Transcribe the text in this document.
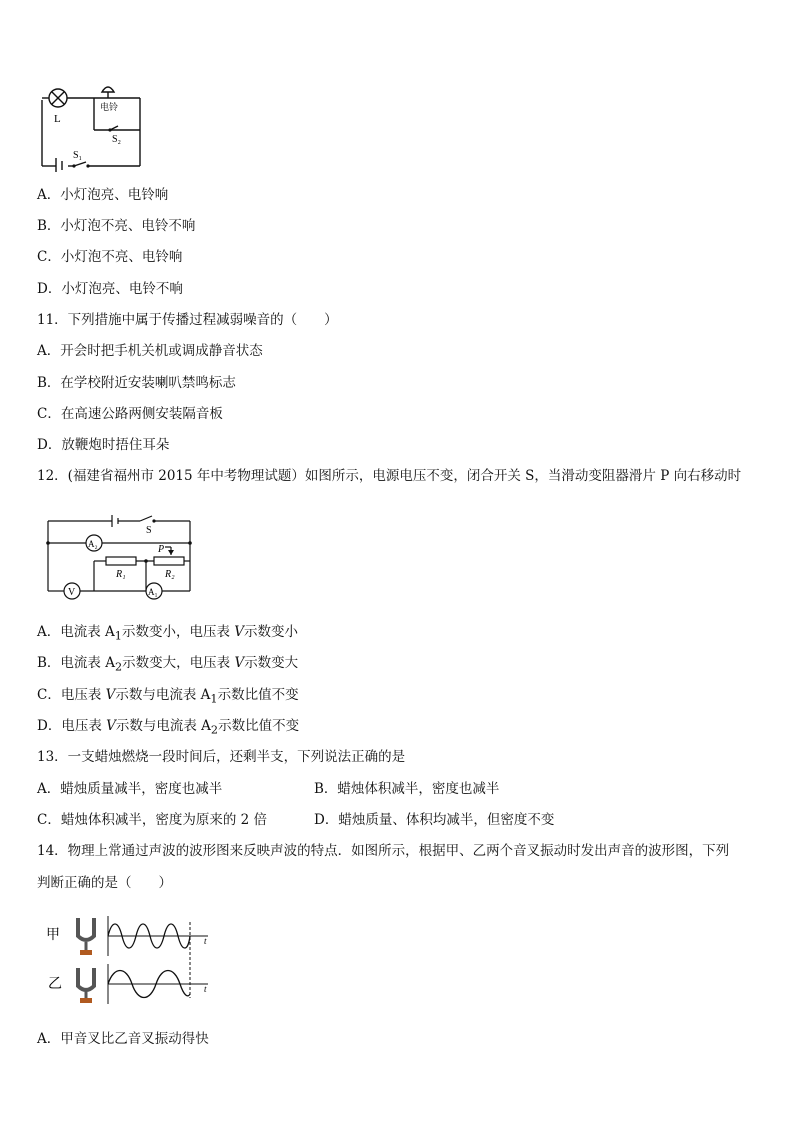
L
电铃
S₂
S₁
A．小灯泡亮、电铃响
B．小灯泡不亮、电铃不响
C．小灯泡不亮、电铃响
D．小灯泡亮、电铃不响
11．下列措施中属于传播过程减弱噪音的（　　）
A．开会时把手机关机或调成静音状态
B．在学校附近安装喇叭禁鸣标志
C．在高速公路两侧安装隔音板
D．放鞭炮时捂住耳朵
12．(福建省福州市 2015 年中考物理试题）如图所示，电源电压不变，闭合开关 S，当滑动变阻器滑片 P 向右移动时
S
A₂	P
R₁	R₂
V	A₁
A．电流表 $A_1$示数变小，电压表 V示数变小
B．电流表 $A_2$示数变大，电压表 V示数变大
C．电压表 V示数与电流表 $A_1$示数比值不变
D．电压表 V示数与电流表 $A_2$示数比值不变
13．一支蜡烛燃烧一段时间后，还剩半支，下列说法正确的是
A．蜡烛质量减半，密度也减半	B．蜡烛体积减半，密度也减半
C．蜡烛体积减半，密度为原来的 2 倍	D．蜡烛质量、体积均减半，但密度不变
14．物理上常通过声波的波形图来反映声波的特点．如图所示，根据甲、乙两个音叉振动时发出声音的波形图，下列
判断正确的是（　　）
甲
乙
t
t
A．甲音叉比乙音叉振动得快
